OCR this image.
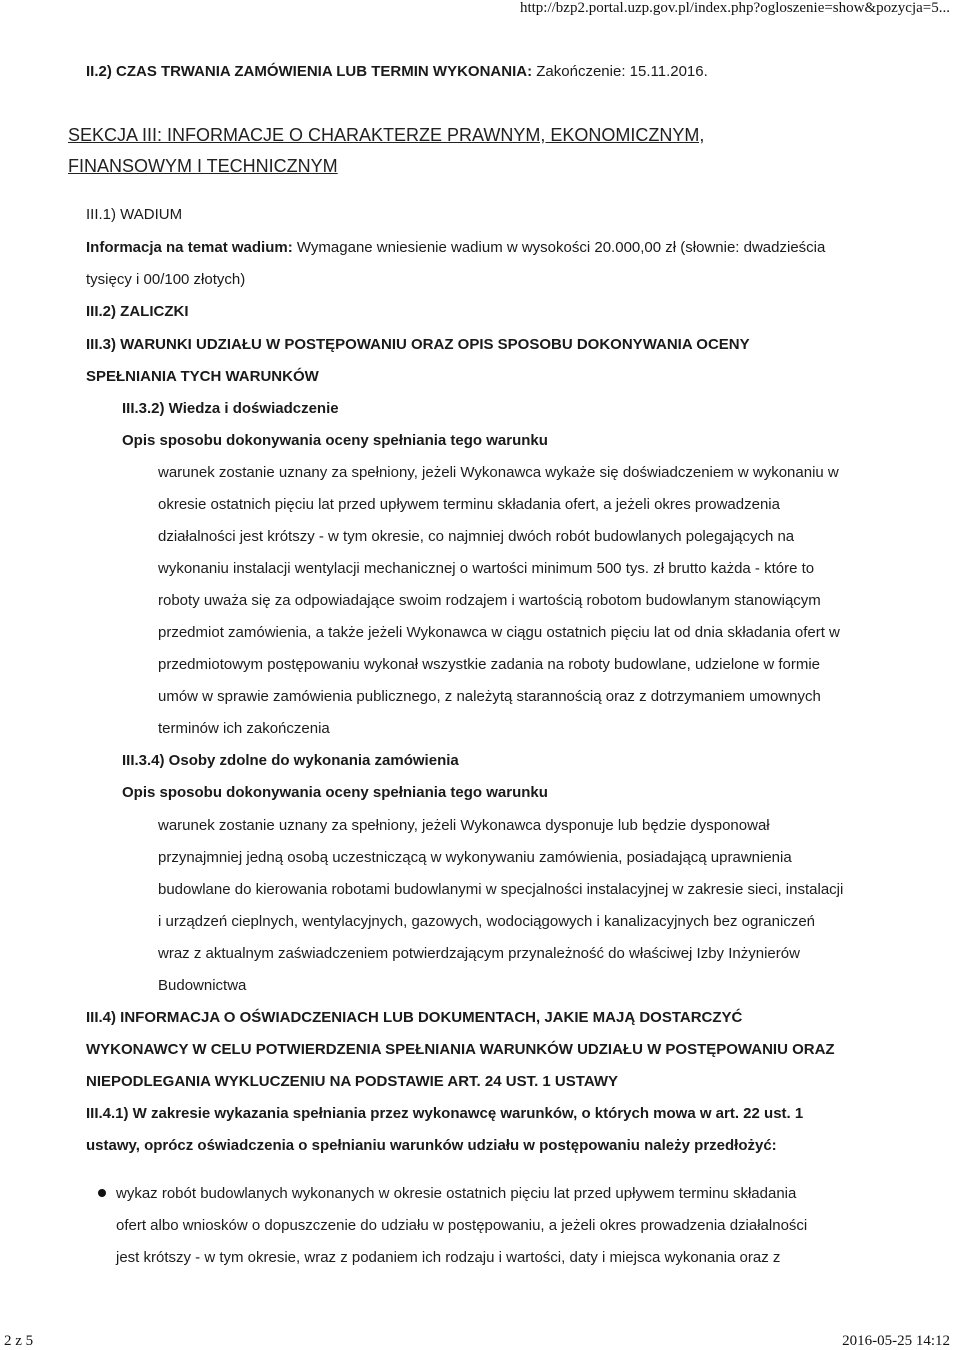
http://bzp2.portal.uzp.gov.pl/index.php?ogloszenie=show&pozycja=5...
II.2) CZAS TRWANIA ZAMÓWIENIA LUB TERMIN WYKONANIA: Zakończenie: 15.11.2016.
SEKCJA III: INFORMACJE O CHARAKTERZE PRAWNYM, EKONOMICZNYM,
FINANSOWYM I TECHNICZNYM
III.1) WADIUM
Informacja na temat wadium: Wymagane wniesienie wadium w wysokości 20.000,00 zł (słownie: dwadzieścia
tysięcy i 00/100 złotych)
III.2) ZALICZKI
III.3) WARUNKI UDZIAŁU W POSTĘPOWANIU ORAZ OPIS SPOSOBU DOKONYWANIA OCENY
SPEŁNIANIA TYCH WARUNKÓW
III.3.2) Wiedza i doświadczenie
Opis sposobu dokonywania oceny spełniania tego warunku
warunek zostanie uznany za spełniony, jeżeli Wykonawca wykaże się doświadczeniem w wykonaniu w
okresie ostatnich pięciu lat przed upływem terminu składania ofert, a jeżeli okres prowadzenia
działalności jest krótszy - w tym okresie, co najmniej dwóch robót budowlanych polegających na
wykonaniu instalacji wentylacji mechanicznej o wartości minimum 500 tys. zł brutto każda - które to
roboty uważa się za odpowiadające swoim rodzajem i wartością robotom budowlanym stanowiącym
przedmiot zamówienia, a także jeżeli Wykonawca w ciągu ostatnich pięciu lat od dnia składania ofert w
przedmiotowym postępowaniu wykonał wszystkie zadania na roboty budowlane, udzielone w formie
umów w sprawie zamówienia publicznego, z należytą starannością oraz z dotrzymaniem umownych
terminów ich zakończenia
III.3.4) Osoby zdolne do wykonania zamówienia
Opis sposobu dokonywania oceny spełniania tego warunku
warunek zostanie uznany za spełniony, jeżeli Wykonawca dysponuje lub będzie dysponował
przynajmniej jedną osobą uczestniczącą w wykonywaniu zamówienia, posiadającą uprawnienia
budowlane do kierowania robotami budowlanymi w specjalności instalacyjnej w zakresie sieci, instalacji
i urządzeń cieplnych, wentylacyjnych, gazowych, wodociągowych i kanalizacyjnych bez ograniczeń
wraz z aktualnym zaświadczeniem potwierdzającym przynależność do właściwej Izby Inżynierów
Budownictwa
III.4) INFORMACJA O OŚWIADCZENIACH LUB DOKUMENTACH, JAKIE MAJĄ DOSTARCZYĆ
WYKONAWCY W CELU POTWIERDZENIA SPEŁNIANIA WARUNKÓW UDZIAŁU W POSTĘPOWANIU ORAZ
NIEPODLEGANIA WYKLUCZENIU NA PODSTAWIE ART. 24 UST. 1 USTAWY
III.4.1) W zakresie wykazania spełniania przez wykonawcę warunków, o których mowa w art. 22 ust. 1
ustawy, oprócz oświadczenia o spełnianiu warunków udziału w postępowaniu należy przedłożyć:
wykaz robót budowlanych wykonanych w okresie ostatnich pięciu lat przed upływem terminu składania
ofert albo wniosków o dopuszczenie do udziału w postępowaniu, a jeżeli okres prowadzenia działalności
jest krótszy - w tym okresie, wraz z podaniem ich rodzaju i wartości, daty i miejsca wykonania oraz z
2 z 5	2016-05-25 14:12
